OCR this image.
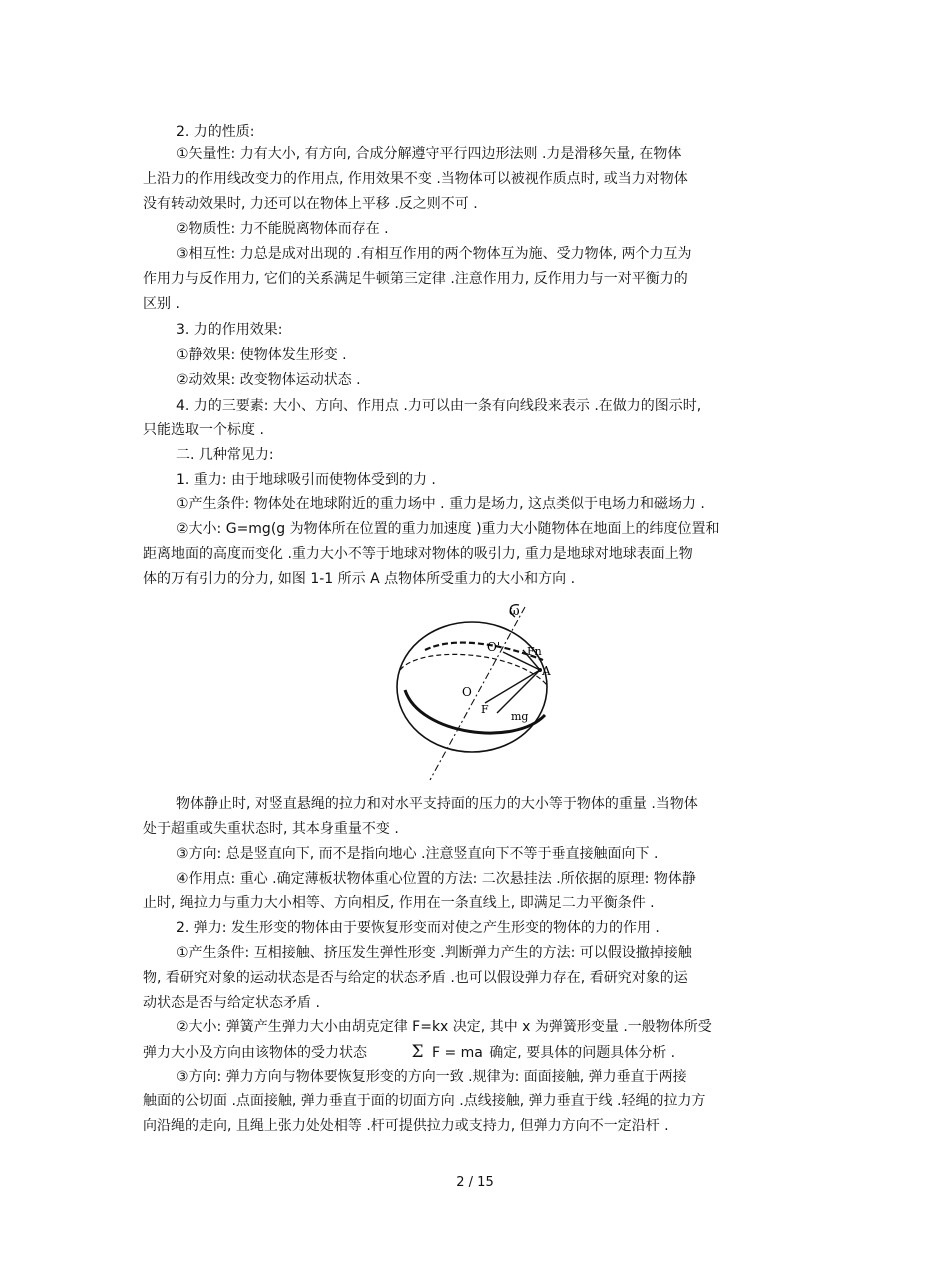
2. 力的性质:
①矢量性: 力有大小, 有方向, 合成分解遵守平行四边形法则 .力是滑移矢量, 在物体
上沿力的作用线改变力的作用点, 作用效果不变 .当物体可以被视作质点时, 或当力对物体
没有转动效果时, 力还可以在物体上平移 .反之则不可 .
②物质性: 力不能脱离物体而存在 .
③相互性: 力总是成对出现的 .有相互作用的两个物体互为施、受力物体, 两个力互为
作用力与反作用力, 它们的关系满足牛顿第三定律 .注意作用力, 反作用力与一对平衡力的
区别 .
3. 力的作用效果:
①静效果: 使物体发生形变 .
②动效果: 改变物体运动状态 .
4. 力的三要素: 大小、方向、作用点 .力可以由一条有向线段来表示 .在做力的图示时,
只能选取一个标度 .
二. 几种常见力:
1. 重力: 由于地球吸引而使物体受到的力 .
①产生条件: 物体处在地球附近的重力场中 . 重力是场力, 这点类似于电场力和磁场力 .
②大小: G=mg(g 为物体所在位置的重力加速度 )重力大小随物体在地面上的纬度位置和
距离地面的高度而变化 .重力大小不等于地球对物体的吸引力, 重力是地球对地球表面上物
体的万有引力的分力, 如图 1-1 所示 A 点物体所受重力的大小和方向 .
ω
O' Fn
A
O
F
mg
物体静止时, 对竖直悬绳的拉力和对水平支持面的压力的大小等于物体的重量 .当物体
处于超重或失重状态时, 其本身重量不变 .
③方向: 总是竖直向下, 而不是指向地心 .注意竖直向下不等于垂直接触面向下 .
④作用点: 重心 .确定薄板状物体重心位置的方法: 二次悬挂法 .所依据的原理: 物体静
止时, 绳拉力与重力大小相等、方向相反, 作用在一条直线上, 即满足二力平衡条件 .
2. 弹力: 发生形变的物体由于要恢复形变而对使之产生形变的物体的力的作用 .
①产生条件: 互相接触、挤压发生弹性形变 .判断弹力产生的方法: 可以假设撤掉接触
物, 看研究对象的运动状态是否与给定的状态矛盾 .也可以假设弹力存在, 看研究对象的运
动状态是否与给定状态矛盾 .
②大小: 弹簧产生弹力大小由胡克定律 F=kx 决定, 其中 x 为弹簧形变量 .一般物体所受
弹力大小及方向由该物体的受力状态	Σ F = ma 确定, 要具体的问题具体分析 .
③方向: 弹力方向与物体要恢复形变的方向一致 .规律为: 面面接触, 弹力垂直于两接
触面的公切面 .点面接触, 弹力垂直于面的切面方向 .点线接触, 弹力垂直于线 .轻绳的拉力方
向沿绳的走向, 且绳上张力处处相等 .杆可提供拉力或支持力, 但弹力方向不一定沿杆 .
2 / 15
